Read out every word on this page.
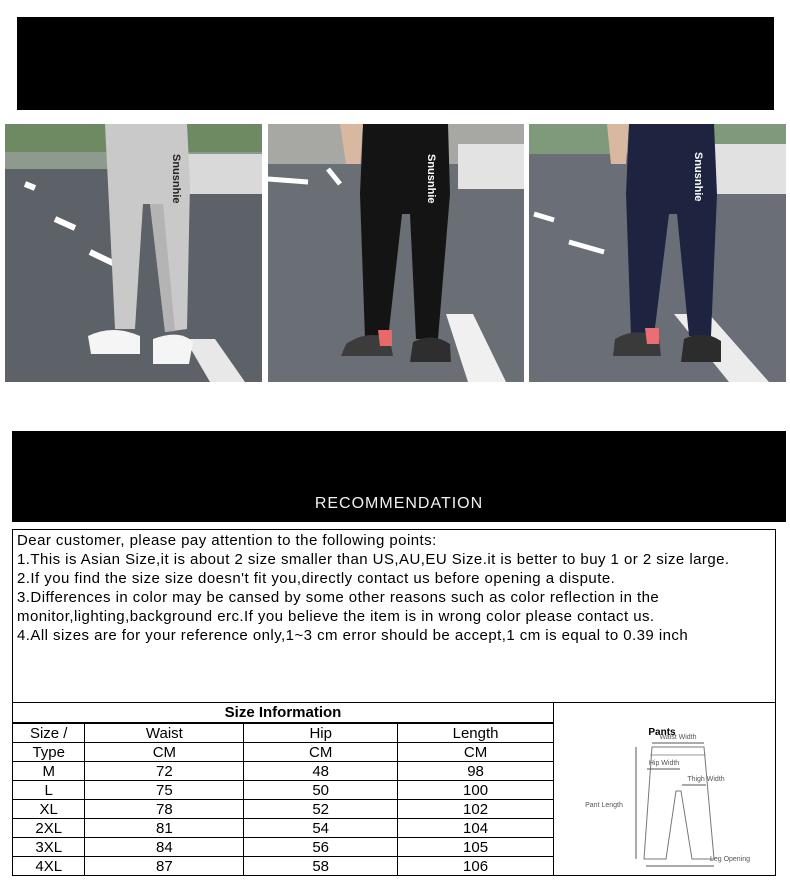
Snusnhie	Snusnhie	Snusnhie
RECOMMENDATION

Dear customer, please pay attention to the following points:

1.This is Asian Size,it is about 2 size smaller than US,AU,EU Size.it is better to buy 1 or 2 size large.

2.If you find the size size doesn't fit you,directly contact us before opening a dispute.

3.Differences in color may be cansed by some other reasons such as color reflection in the monitor,lighting,background erc.If you believe the item is in wrong color please contact us.

4.All sizes are for your reference only,1~3 cm error should be accept,1 cm is equal to 0.39 inch

Size Information
Size /	Waist	Hip	Length
Type	CM	CM	CM
M	72	48	98
L	75	50	100
XL	78	52	102
2XL	81	54	104
3XL	84	56	105
4XL	87	58	106
Pants
Waist Width
Hip Width
Thigh Width
Pant Length
Leg Opening
